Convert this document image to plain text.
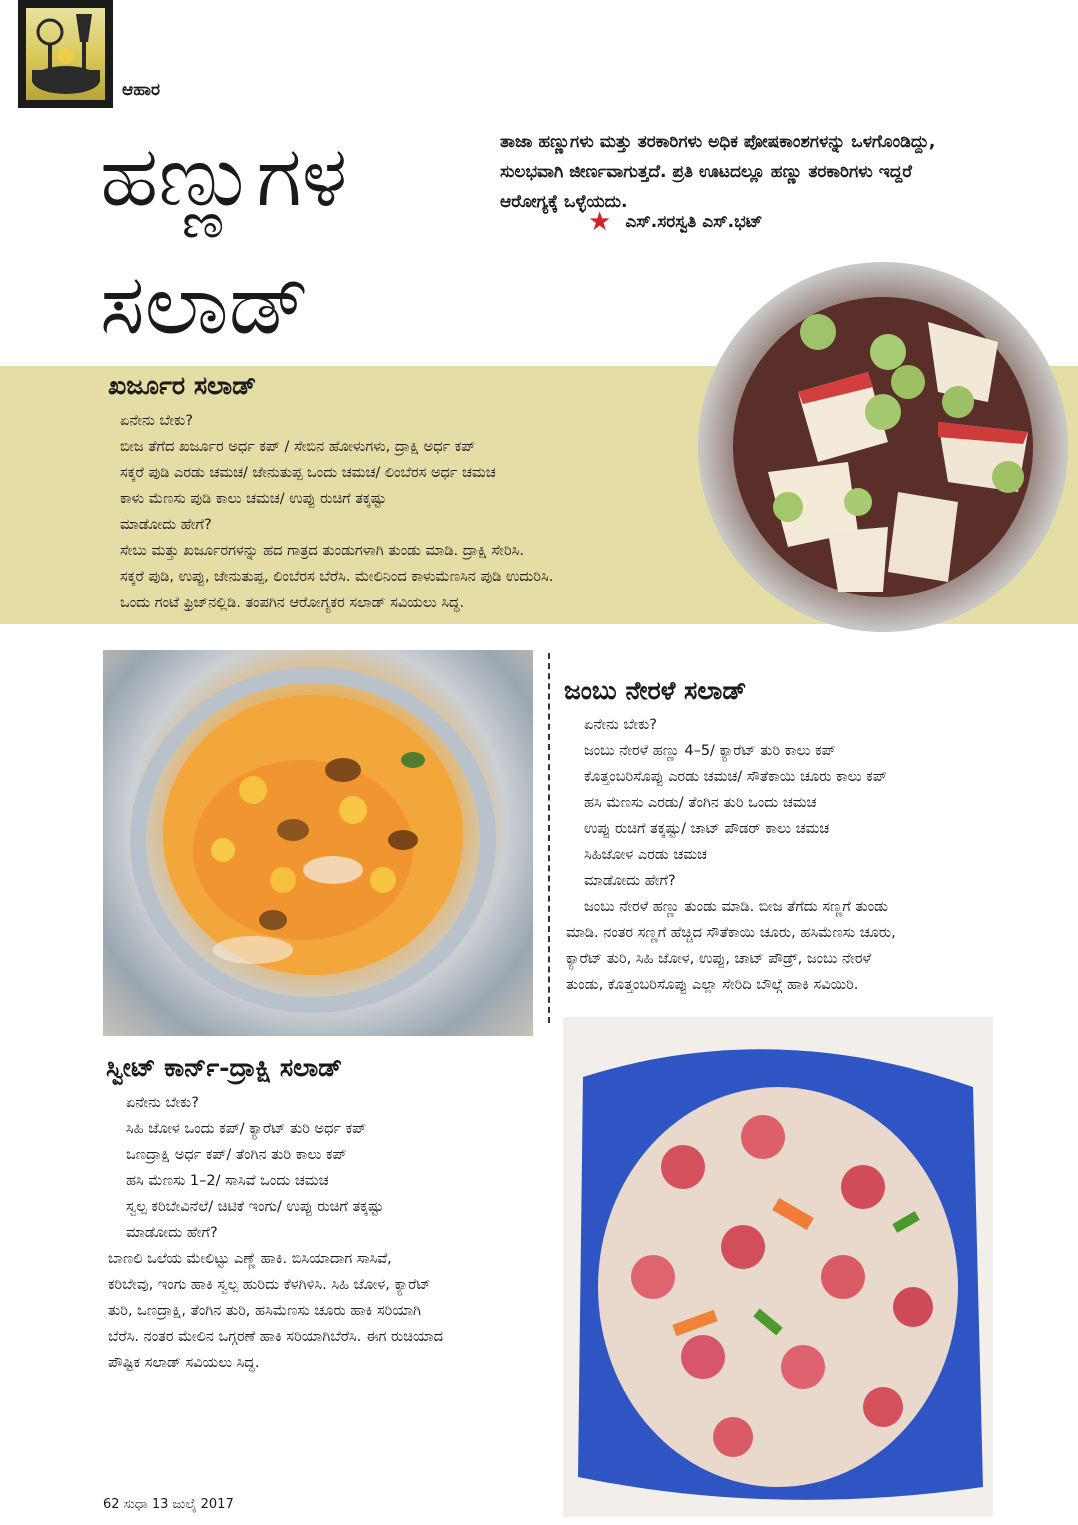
ಆಹಾರ
ಹಣ್ಣುಗಳ
ಸಲಾಡ್
ತಾಜಾ ಹಣ್ಣುಗಳು ಮತ್ತು ತರಕಾರಿಗಳು ಅಧಿಕ ಪೋಷಕಾಂಶಗಳನ್ನು ಒಳಗೊಂಡಿದ್ದು, ಸುಲಭವಾಗಿ ಜೀರ್ಣವಾಗುತ್ತದೆ. ಪ್ರತಿ ಊಟದಲ್ಲೂ ಹಣ್ಣು ತರಕಾರಿಗಳು ಇದ್ದರೆ ಆರೋಗ್ಯಕ್ಕೆ ಒಳ್ಳೆಯದು.
★ ಎಸ್.ಸರಸ್ವತಿ ಎಸ್.ಭಟ್
ಖರ್ಜೂರ ಸಲಾಡ್

ಏನೇನು ಬೇಕು?

ಬೀಜ ತೆಗೆದ ಖರ್ಜೂರ ಅರ್ಧ ಕಪ್ / ಸೇಬಿನ ಹೋಳುಗಳು, ದ್ರಾಕ್ಷಿ ಅರ್ಧ ಕಪ್

ಸಕ್ಕರೆ ಪುಡಿ ಎರಡು ಚಮಚ/ ಜೇನುತುಪ್ಪ ಒಂದು ಚಮಚ/ ಲಿಂಬೆರಸ ಅರ್ಧ ಚಮಚ

ಕಾಳು ಮೆಣಸು ಪುಡಿ ಕಾಲು ಚಮಚ/ ಉಪ್ಪು ರುಚಿಗೆ ತಕ್ಕಷ್ಟು

ಮಾಡೋದು ಹೇಗೆ?

ಸೇಬು ಮತ್ತು ಖರ್ಜೂರಗಳನ್ನು ಹದ ಗಾತ್ರದ ತುಂಡುಗಳಾಗಿ ತುಂಡು ಮಾಡಿ. ದ್ರಾಕ್ಷಿ ಸೇರಿಸಿ.

ಸಕ್ಕರೆ ಪುಡಿ, ಉಪ್ಪು, ಜೇನುತುಪ್ಪ, ಲಿಂಬೆರಸ ಬೆರೆಸಿ. ಮೇಲಿನಿಂದ ಕಾಳುಮೆಣಸಿನ ಪುಡಿ ಉದುರಿಸಿ.

ಒಂದು ಗಂಟೆ ಫ್ರಿಜ್‌ನಲ್ಲಿಡಿ. ತಂಪಗಿನ ಆರೋಗ್ಯಕರ ಸಲಾಡ್ ಸವಿಯಲು ಸಿದ್ಧ.

ಜಂಬು ನೇರಳೆ ಸಲಾಡ್

ಏನೇನು ಬೇಕು?

ಜಂಬು ನೇರಳೆ ಹಣ್ಣು 4–5/ ಕ್ಯಾರೆಟ್ ತುರಿ ಕಾಲು ಕಪ್

ಕೊತ್ತಂಬರಿಸೊಪ್ಪು ಎರಡು ಚಮಚ/ ಸೌತೆಕಾಯಿ ಚೂರು ಕಾಲು ಕಪ್

ಹಸಿ ಮೆಣಸು ಎರಡು/ ತೆಂಗಿನ ತುರಿ ಒಂದು ಚಮಚ

ಉಪ್ಪು ರುಚಿಗೆ ತಕ್ಕಷ್ಟು/ ಚಾಟ್ ಪೌಡರ್ ಕಾಲು ಚಮಚ

ಸಿಹಿಜೋಳ ಎರಡು ಚಮಚ

ಮಾಡೋದು ಹೇಗೆ?

ಜಂಬು ನೇರಳೆ ಹಣ್ಣು ತುಂಡು ಮಾಡಿ. ಬೀಜ ತೆಗೆದು ಸಣ್ಣಗೆ ತುಂಡು

ಮಾಡಿ. ನಂತರ ಸಣ್ಣಗೆ ಹೆಚ್ಚಿದ ಸೌತೆಕಾಯಿ ಚೂರು, ಹಸಿಮೆಣಸು ಚೂರು,

ಕ್ಯಾರೆಟ್ ತುರಿ, ಸಿಹಿ ಜೋಳ, ಉಪ್ಪು, ಚಾಟ್ ಪೌಡ್ರ್, ಜಂಬು ನೇರಳೆ

ತುಂಡು, ಕೊತ್ತಂಬರಿಸೊಪ್ಪು ಎಲ್ಲಾ ಸೇರಿದಿ ಬೌಲ್ಗೆ ಹಾಕಿ ಸವಿಯಿರಿ.

ಸ್ವೀಟ್ ಕಾರ್ನ್-ದ್ರಾಕ್ಷಿ ಸಲಾಡ್

ಏನೇನು ಬೇಕು?

ಸಿಹಿ ಜೋಳ ಒಂದು ಕಪ್/ ಕ್ಯಾರೆಟ್ ತುರಿ ಅರ್ಧ ಕಪ್

ಒಣದ್ರಾಕ್ಷಿ ಅರ್ಧ ಕಪ್/ ತೆಂಗಿನ ತುರಿ ಕಾಲು ಕಪ್

ಹಸಿ ಮೆಣಸು 1–2/ ಸಾಸಿವೆ ಒಂದು ಚಮಚ

ಸ್ವಲ್ಪ ಕರಿಬೇವಿನೆಲೆ/ ಚಿಟಿಕೆ ಇಂಗು/ ಉಪ್ಪು ರುಚಿಗೆ ತಕ್ಕಷ್ಟು

ಮಾಡೋದು ಹೇಗೆ?

ಬಾಣಲಿ ಒಲೆಯ ಮೇಲಿಟ್ಟು ಎಣ್ಣೆ ಹಾಕಿ. ಬಿಸಿಯಾದಾಗ ಸಾಸಿವೆ,

ಕರಿಬೇವು, ಇಂಗು ಹಾಕಿ ಸ್ವಲ್ಪ ಹುರಿದು ಕೆಳಗಿಳಿಸಿ. ಸಿಹಿ ಜೋಳ, ಕ್ಯಾರೆಟ್

ತುರಿ, ಒಣದ್ರಾಕ್ಷಿ, ತೆಂಗಿನ ತುರಿ, ಹಸಿಮೆಣಸು ಚೂರು ಹಾಕಿ ಸರಿಯಾಗಿ

ಬೆರೆಸಿ. ನಂತರ ಮೇಲಿನ ಒಗ್ಗರಣೆ ಹಾಕಿ ಸರಿಯಾಗಿಬೆರೆಸಿ. ಈಗ ರುಚಿಯಾದ

ಪೌಷ್ಟಿಕ ಸಲಾಡ್ ಸವಿಯಲು ಸಿದ್ಧ.

62 ಸುಧಾ 13 ಜುಲೈ 2017
